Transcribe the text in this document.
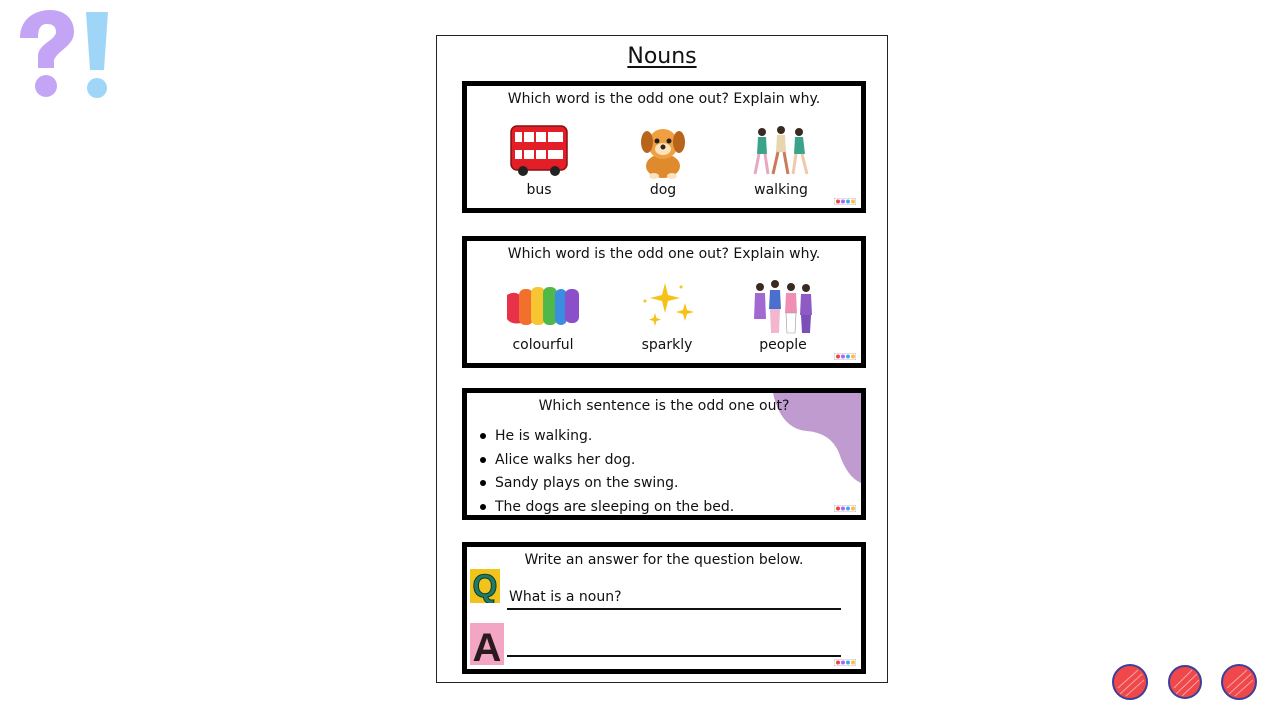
Nouns
Which word is the odd one out? Explain why.
bus	dog	walking
Which word is the odd one out? Explain why.
colourful	sparkly	people
Which sentence is the odd one out?
He is walking.
Alice walks her dog.
Sandy plays on the swing.
The dogs are sleeping on the bed.
Write an answer for the question below.
Q What is a noun?
A
